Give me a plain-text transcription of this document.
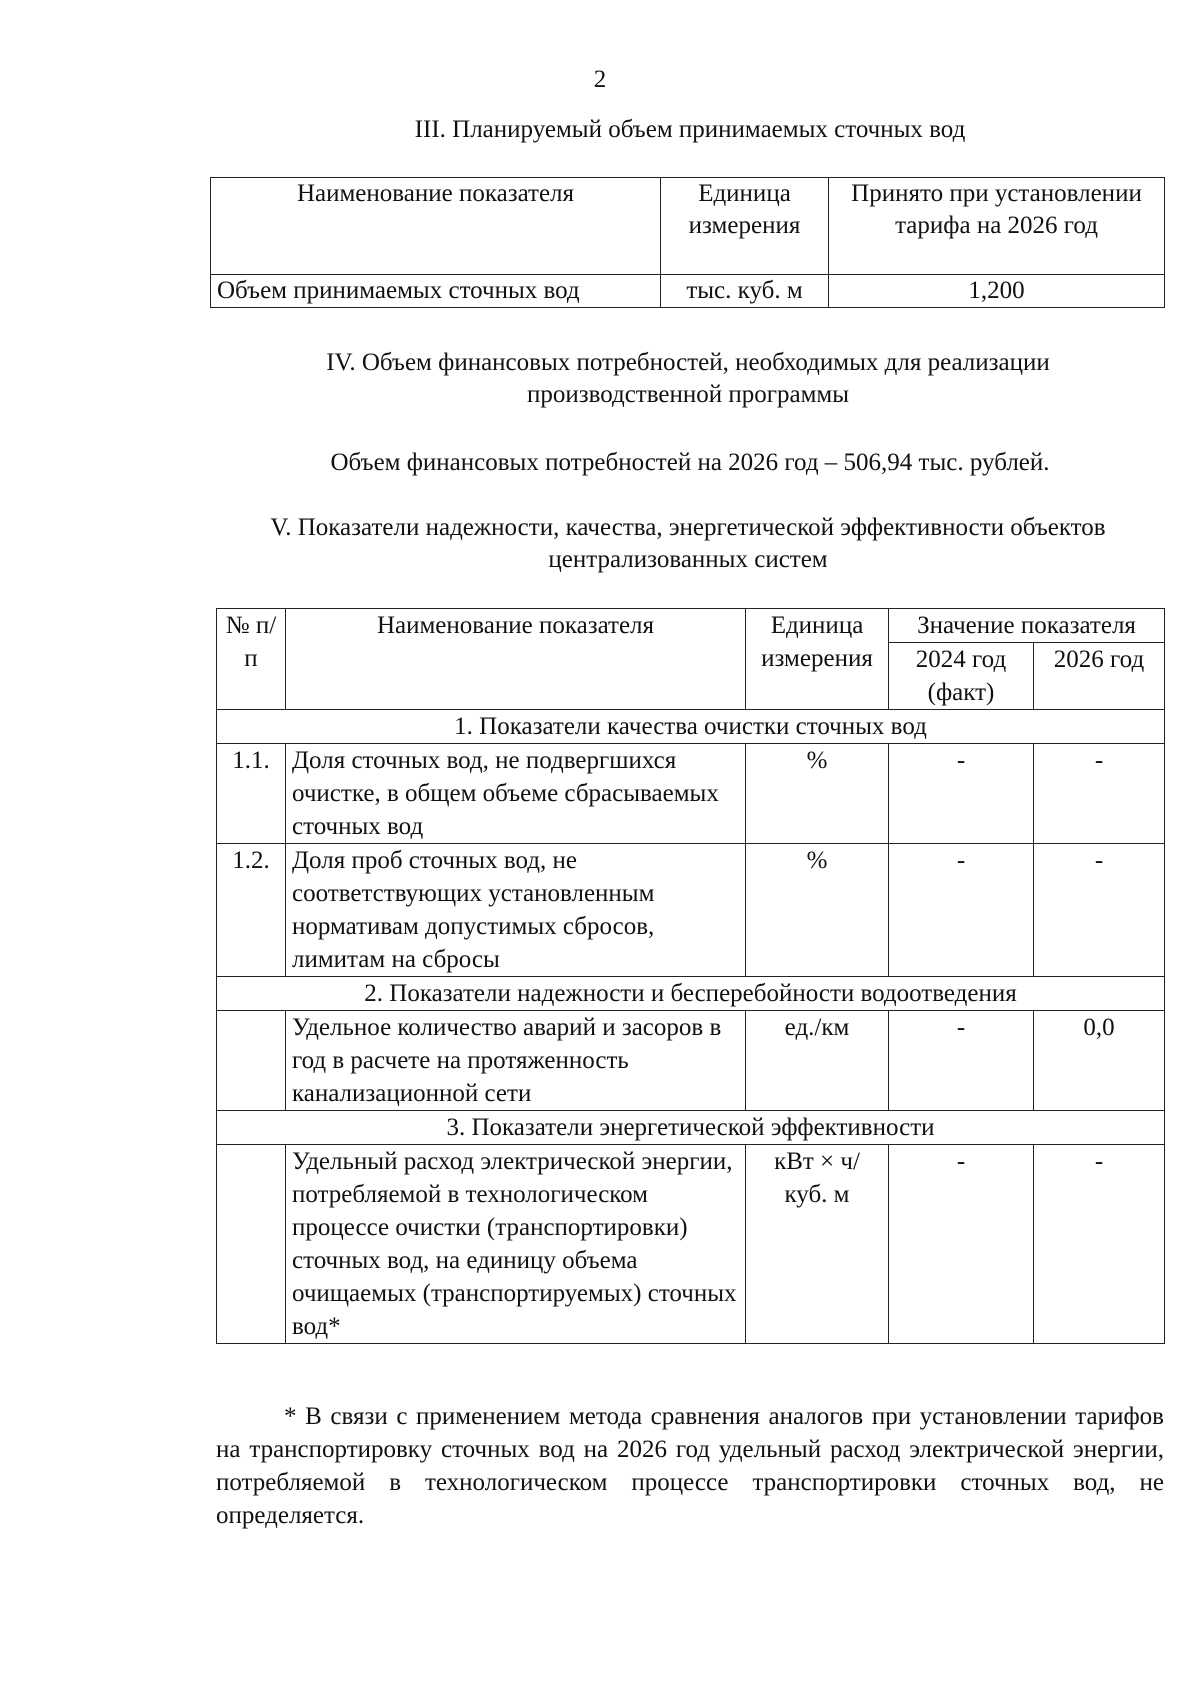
2
III. Планируемый объем принимаемых сточных вод
Наименование показателя	Единица измерения	Принято при установлении тарифа на 2026 год
Объем принимаемых сточных вод	тыс. куб. м	1,200
IV. Объем финансовых потребностей, необходимых для реализации производственной программы
Объем финансовых потребностей на 2026 год – 506,94 тыс. рублей.
V. Показатели надежности, качества, энергетической эффективности объектов централизованных систем
№ п/п	Наименование показателя	Единица измерения	Значение показателя	
			2024 год (факт)	2026 год
1. Показатели качества очистки сточных вод				
1.1.	Доля сточных вод, не подвергшихся очистке, в общем объеме сбрасываемых сточных вод	%	-	-
1.2.	Доля проб сточных вод, не соответствующих установленным нормативам допустимых сбросов, лимитам на сбросы	%	-	-
2. Показатели надежности и бесперебойности водоотведения				
	Удельное количество аварий и засоров в год в расчете на протяженность канализационной сети	ед./км	-	0,0
3. Показатели энергетической эффективности				
	Удельный расход электрической энергии, потребляемой в технологическом процессе очистки (транспортировки) сточных вод, на единицу объема очищаемых (транспортируемых) сточных вод*	кВт × ч/ куб. м	-	-
* В связи с применением метода сравнения аналогов при установлении тарифов на транспортировку сточных вод на 2026 год удельный расход электрической энергии, потребляемой в технологическом процессе транспортировки сточных вод, не определяется.
